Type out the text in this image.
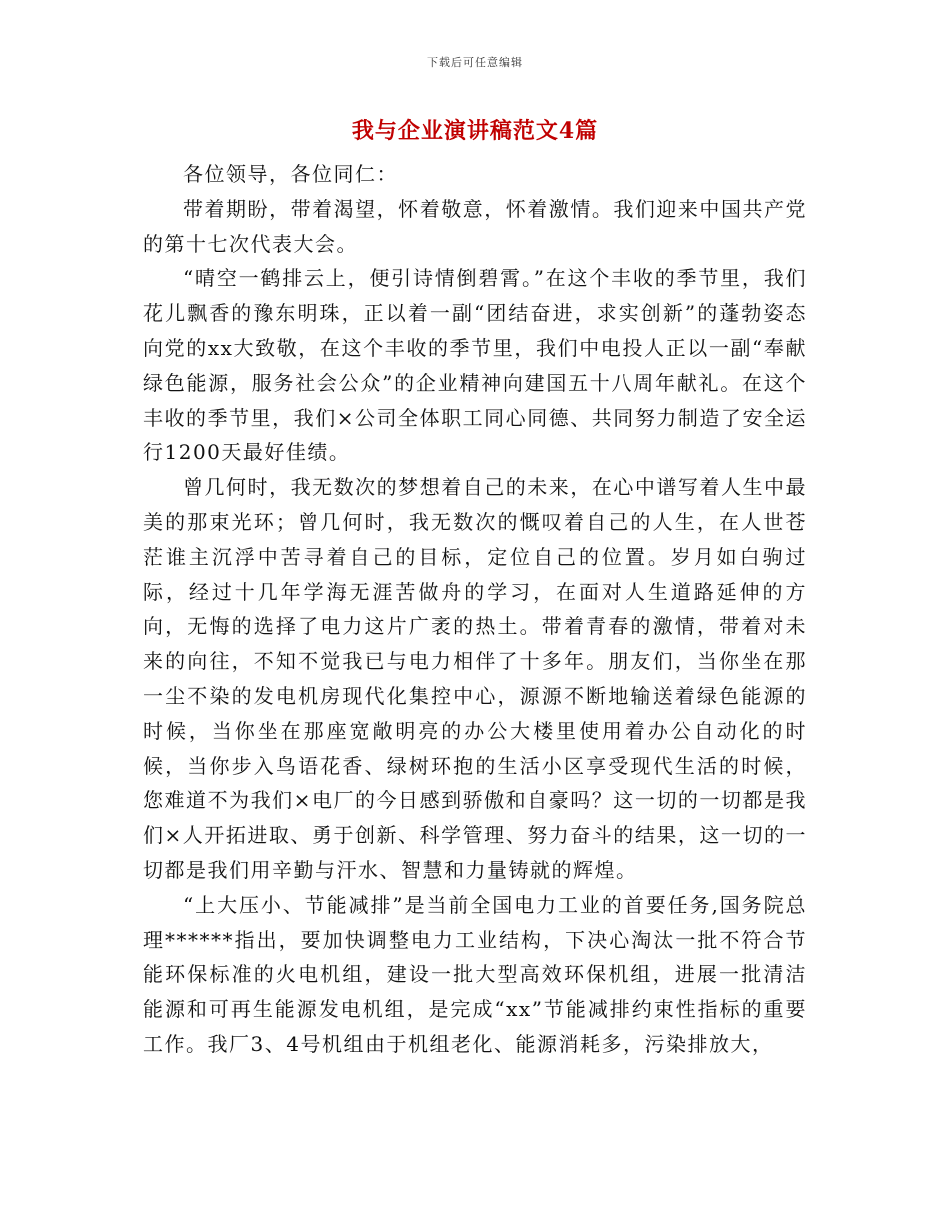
下载后可任意编辑
我与企业演讲稿范文4篇

各位领导，各位同仁：

带着期盼，带着渴望，怀着敬意，怀着激情。我们迎来中国共产党的第十七次代表大会。

“晴空一鹤排云上，便引诗情倒碧霄。”在这个丰收的季节里，我们花儿飘香的豫东明珠，正以着一副“团结奋进，求实创新”的蓬勃姿态向党的xx大致敬，在这个丰收的季节里，我们中电投人正以一副“奉献绿色能源，服务社会公众”的企业精神向建国五十八周年献礼。在这个丰收的季节里，我们×公司全体职工同心同德、共同努力制造了安全运行1200天最好佳绩。

曾几何时，我无数次的梦想着自己的未来，在心中谱写着人生中最美的那束光环；曾几何时，我无数次的慨叹着自己的人生，在人世苍茫谁主沉浮中苦寻着自己的目标，定位自己的位置。岁月如白驹过际，经过十几年学海无涯苦做舟的学习，在面对人生道路延伸的方向，无悔的选择了电力这片广袤的热土。带着青春的激情，带着对未来的向往，不知不觉我已与电力相伴了十多年。朋友们，当你坐在那一尘不染的发电机房现代化集控中心，源源不断地输送着绿色能源的时候，当你坐在那座宽敞明亮的办公大楼里使用着办公自动化的时候，当你步入鸟语花香、绿树环抱的生活小区享受现代生活的时候，您难道不为我们×电厂的今日感到骄傲和自豪吗？这一切的一切都是我们×人开拓进取、勇于创新、科学管理、努力奋斗的结果，这一切的一切都是我们用辛勤与汗水、智慧和力量铸就的辉煌。

“上大压小、节能减排”是当前全国电力工业的首要任务,国务院总理******指出，要加快调整电力工业结构，下决心淘汰一批不符合节能环保标准的火电机组，建设一批大型高效环保机组，进展一批清洁能源和可再生能源发电机组，是完成“xx”节能减排约束性指标的重要工作。我厂3、4号机组由于机组老化、能源消耗多，污染排放大，
